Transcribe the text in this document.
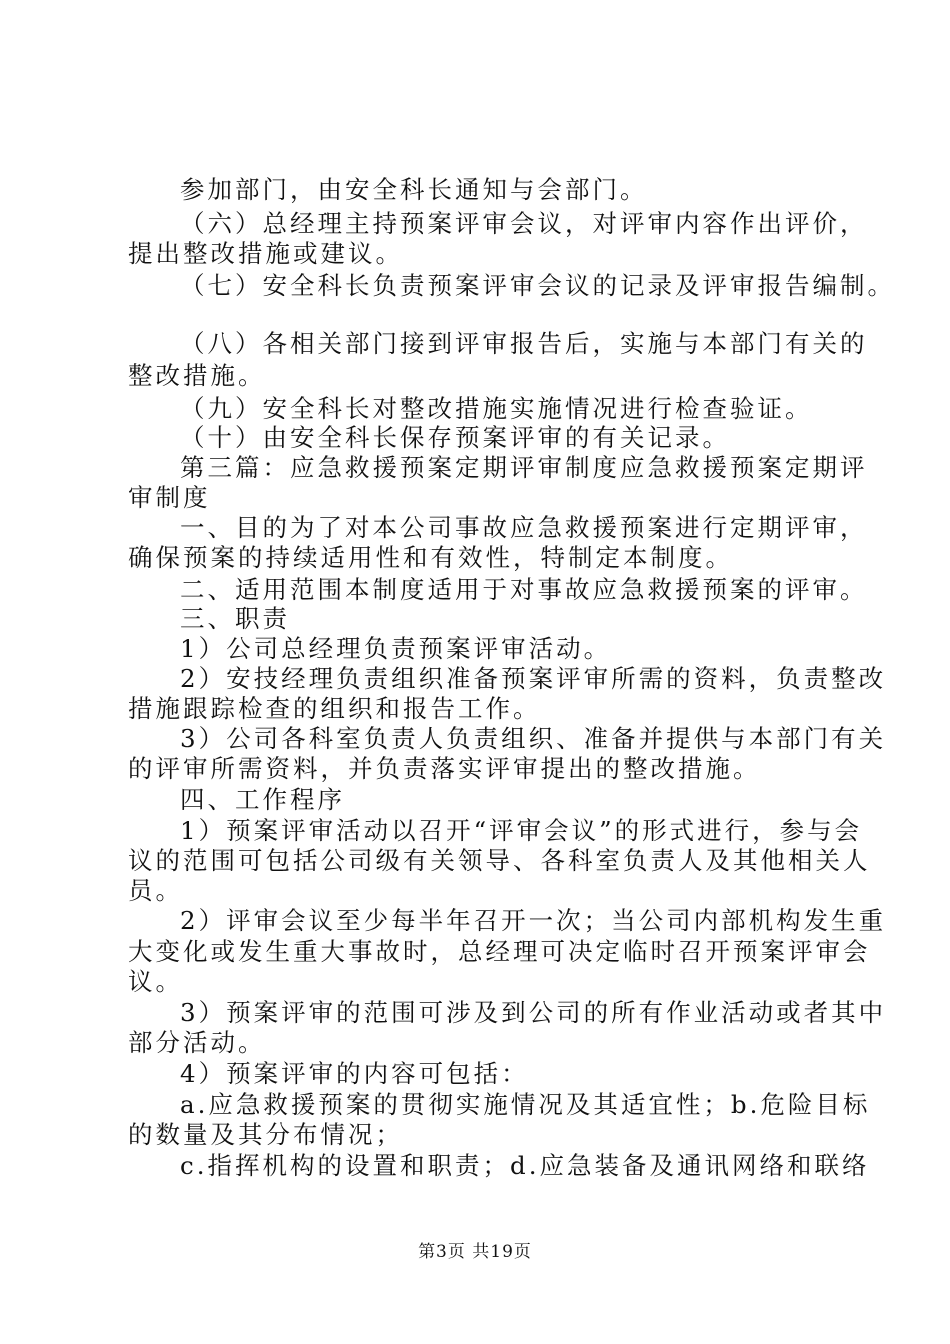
参加部门，由安全科长通知与会部门。
（六）总经理主持预案评审会议，对评审内容作出评价，
提出整改措施或建议。
（七）安全科长负责预案评审会议的记录及评审报告编制。
（八）各相关部门接到评审报告后，实施与本部门有关的
整改措施。
（九）安全科长对整改措施实施情况进行检查验证。
（十）由安全科长保存预案评审的有关记录。
第三篇：应急救援预案定期评审制度应急救援预案定期评
审制度
一、目的为了对本公司事故应急救援预案进行定期评审，
确保预案的持续适用性和有效性，特制定本制度。
二、适用范围本制度适用于对事故应急救援预案的评审。
三、职责
1）公司总经理负责预案评审活动。
2）安技经理负责组织准备预案评审所需的资料，负责整改
措施跟踪检查的组织和报告工作。
3）公司各科室负责人负责组织、准备并提供与本部门有关
的评审所需资料，并负责落实评审提出的整改措施。
四、工作程序
1）预案评审活动以召开“评审会议”的形式进行，参与会
议的范围可包括公司级有关领导、各科室负责人及其他相关人
员。
2）评审会议至少每半年召开一次；当公司内部机构发生重
大变化或发生重大事故时，总经理可决定临时召开预案评审会
议。
3）预案评审的范围可涉及到公司的所有作业活动或者其中
部分活动。
4）预案评审的内容可包括：
a.应急救援预案的贯彻实施情况及其适宜性；b.危险目标
的数量及其分布情况；
c.指挥机构的设置和职责；d.应急装备及通讯网络和联络
第3页 共19页
